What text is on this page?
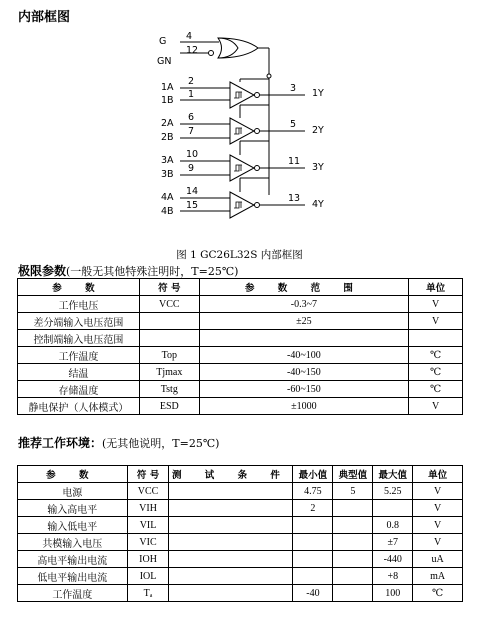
内部框图
G
GN
4
12
1A
1B
2
1
3 1Y
2A
2B
6
7
5
2Y
3A
3B
10
9
11
3Y
4A
4B
14
15
13
4Y
图 1 GC26L32S 内部框图
极限参数(一般无其他特殊注明时，T=25℃)
参 数	符 号	参 数 范 围	单位
工作电压	VCC	-0.3~7	V
差分端输入电压范围		±25	V
控制端输入电压范围			
工作温度	Top	-40~100	℃
结温	Tjmax	-40~150	℃
存储温度	Tstg	-60~150	℃
静电保护（人体模式）	ESD	±1000	V
推荐工作环境：(无其他说明，T=25℃)
参 数	符 号	测 试 条 件	最小值	典型值	最大值	单位
电源	VCC		4.75	5	5.25	V
输入高电平	VIH		2			V
输入低电平	VIL				0.8	V
共模输入电压	VIC				±7	V
高电平输出电流	IOH				-440	uA
低电平输出电流	IOL				+8	mA
工作温度	Tₐ		-40		100	℃
